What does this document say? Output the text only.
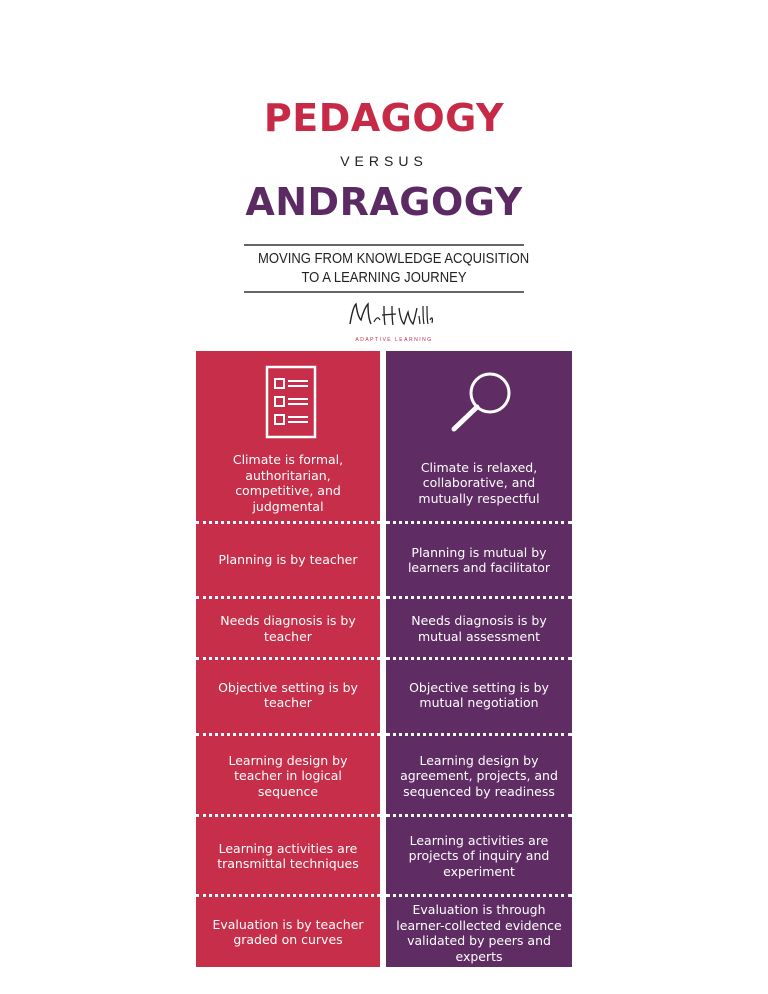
PEDAGOGY
VERSUS
ANDRAGOGY
MOVING FROM KNOWLEDGE ACQUISITION
TO A LEARNING JOURNEY
ADAPTIVE LEARNING
Climate is formal, authoritarian, competitive, and judgmental
Planning is by teacher
Needs diagnosis is by teacher
Objective setting is by teacher
Learning design by teacher in logical sequence
Learning activities are transmittal techniques
Evaluation is by teacher graded on curves
Climate is relaxed, collaborative, and mutually respectful
Planning is mutual by learners and facilitator
Needs diagnosis is by mutual assessment
Objective setting is by mutual negotiation
Learning design by agreement, projects, and sequenced by readiness
Learning activities are projects of inquiry and experiment
Evaluation is through learner-collected evidence validated by peers and experts
